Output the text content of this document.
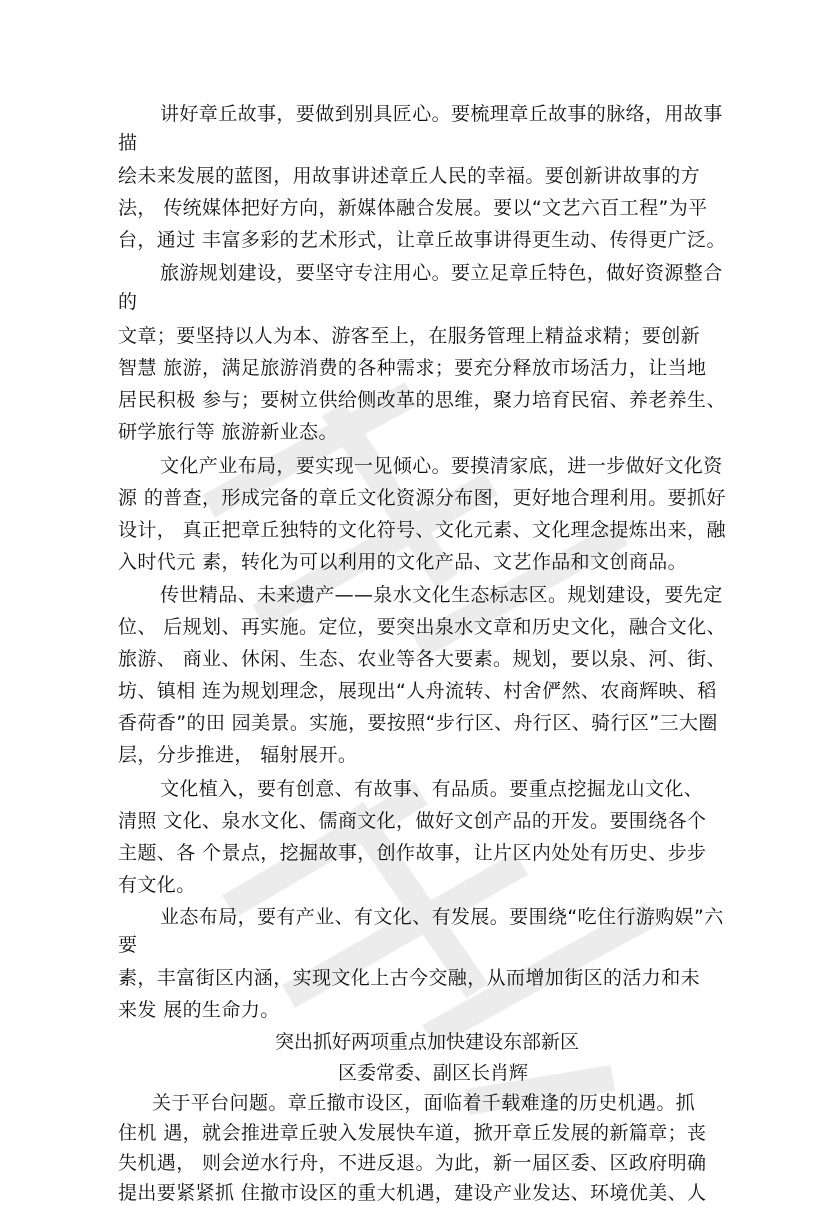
讲好章丘故事，要做到别具匠心。要梳理章丘故事的脉络，用故事
描
绘未来发展的蓝图，用故事讲述章丘人民的幸福。要创新讲故事的方
法， 传统媒体把好方向，新媒体融合发展。要以“文艺六百工程”为平
台，通过 丰富多彩的艺术形式，让章丘故事讲得更生动、传得更广泛。
旅游规划建设，要坚守专注用心。要立足章丘特色，做好资源整合
的
文章；要坚持以人为本、游客至上，在服务管理上精益求精；要创新
智慧 旅游，满足旅游消费的各种需求；要充分释放市场活力，让当地
居民积极 参与；要树立供给侧改革的思维，聚力培育民宿、养老养生、
研学旅行等 旅游新业态。
文化产业布局，要实现一见倾心。要摸清家底，进一步做好文化资
源 的普查，形成完备的章丘文化资源分布图，更好地合理利用。要抓好
设计， 真正把章丘独特的文化符号、文化元素、文化理念提炼出来，融
入时代元 素，转化为可以利用的文化产品、文艺作品和文创商品。
传世精品、未来遗产——泉水文化生态标志区。规划建设，要先定
位、 后规划、再实施。定位，要突出泉水文章和历史文化，融合文化、
旅游、 商业、休闲、生态、农业等各大要素。规划，要以泉、河、街、
坊、镇相 连为规划理念，展现出“人舟流转、村舍俨然、农商辉映、稻
香荷香”的田 园美景。实施，要按照“步行区、舟行区、骑行区”三大圈
层，分步推进， 辐射展开。
文化植入，要有创意、有故事、有品质。要重点挖掘龙山文化、
清照 文化、泉水文化、儒商文化，做好文创产品的开发。要围绕各个
主题、各 个景点，挖掘故事，创作故事，让片区内处处有历史、步步
有文化。
业态布局，要有产业、有文化、有发展。要围绕“吃住行游购娱”六
要
素，丰富街区内涵，实现文化上古今交融，从而增加街区的活力和未
来发 展的生命力。
突出抓好两项重点加快建设东部新区
区委常委、副区长肖辉
关于平台问题。章丘撤市设区，面临着千载难逢的历史机遇。抓
住机 遇，就会推进章丘驶入发展快车道，掀开章丘发展的新篇章；丧
失机遇， 则会逆水行舟，不进反退。为此，新一届区委、区政府明确
提出要紧紧抓 住撤市设区的重大机遇，建设产业发达、环境优美、人
